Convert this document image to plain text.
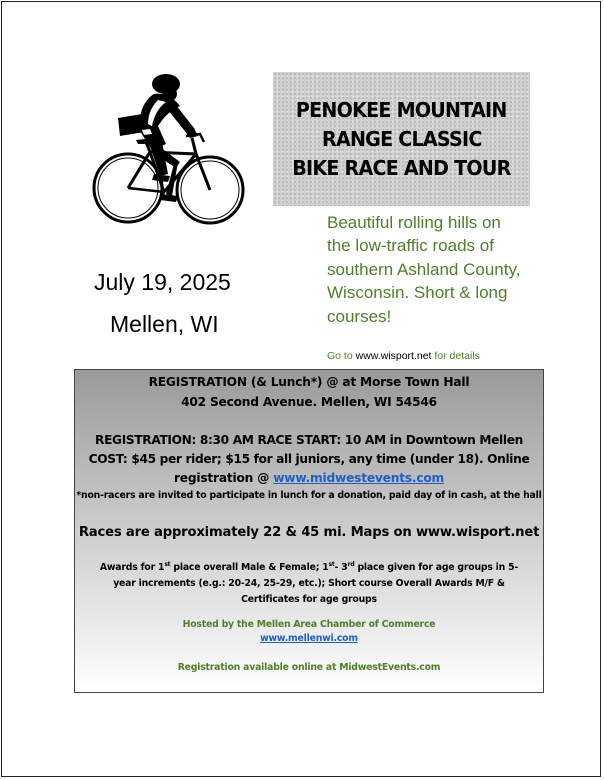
PENOKEE MOUNTAIN
RANGE CLASSIC
BIKE RACE AND TOUR
Beautiful rolling hills on the low-traffic roads of southern Ashland County, Wisconsin. Short & long courses!
Go to www.wisport.net for details
July 19, 2025
Mellen, WI
REGISTRATION (& Lunch*) @ at Morse Town Hall
402 Second Avenue. Mellen, WI 54546
REGISTRATION: 8:30 AM RACE START: 10 AM in Downtown Mellen
COST: $45 per rider; $15 for all juniors, any time (under 18). Online
registration @ www.midwestevents.com
*non-racers are invited to participate in lunch for a donation, paid day of in cash, at the hall
Races are approximately 22 & 45 mi. Maps on www.wisport.net
Awards for 1st place overall Male & Female; 1st- 3rd place given for age groups in 5-year increments (e.g.: 20-24, 25-29, etc.); Short course Overall Awards M/F & Certificates for age groups
Hosted by the Mellen Area Chamber of Commerce
www.mellenwi.com
Registration available online at MidwestEvents.com
